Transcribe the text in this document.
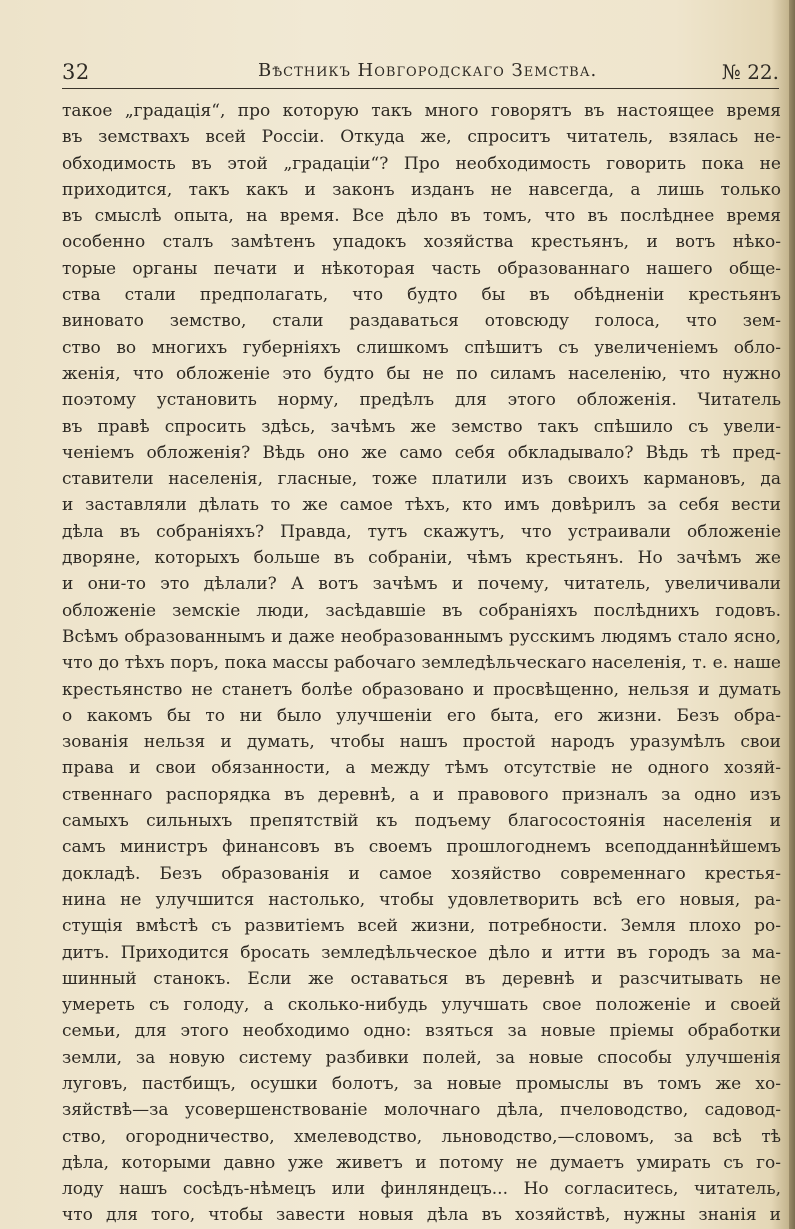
32	Вѣстникъ Новгородскаго Земства.	№ 22.
такое „градація“, про которую такъ много говорятъ въ настоящее время
въ земствахъ всей Россіи. Откуда же, спроситъ читатель, взялась не-
обходимость въ этой „градаціи“? Про необходимость говорить пока не
приходится, такъ какъ и законъ изданъ не навсегда, а лишь только
въ смыслѣ опыта, на время. Все дѣло въ томъ, что въ послѣднее время
особенно сталъ замѣтенъ упадокъ хозяйства крестьянъ, и вотъ нѣко-
торые органы печати и нѣкоторая часть образованнаго нашего обще-
ства стали предполагать, что будто бы въ обѣдненіи крестьянъ
виновато земство, стали раздаваться отовсюду голоса, что зем-
ство во многихъ губерніяхъ слишкомъ спѣшитъ съ увеличеніемъ обло-
женія, что обложеніе это будто бы не по силамъ населенію, что нужно
поэтому установить норму, предѣлъ для этого обложенія. Читатель
въ правѣ спросить здѣсь, зачѣмъ же земство такъ спѣшило съ увели-
ченіемъ обложенія? Вѣдь оно же само себя обкладывало? Вѣдь тѣ пред-
ставители населенія, гласные, тоже платили изъ своихъ кармановъ, да
и заставляли дѣлать то же самое тѣхъ, кто имъ довѣрилъ за себя вести
дѣла въ собраніяхъ? Правда, тутъ скажутъ, что устраивали обложеніе
дворяне, которыхъ больше въ собраніи, чѣмъ крестьянъ. Но зачѣмъ же
и они-то это дѣлали? А вотъ зачѣмъ и почему, читатель, увеличивали
обложеніе земскіе люди, засѣдавшіе въ собраніяхъ послѣднихъ годовъ.
Всѣмъ образованнымъ и даже необразованнымъ русскимъ людямъ стало ясно,
что до тѣхъ поръ, пока массы рабочаго земледѣльческаго населенія, т. е. наше
крестьянство не станетъ болѣе образовано и просвѣщенно, нельзя и думать
о какомъ бы то ни было улучшеніи его быта, его жизни. Безъ обра-
зованія нельзя и думать, чтобы нашъ простой народъ уразумѣлъ свои
права и свои обязанности, а между тѣмъ отсутствіе не одного хозяй-
ственнаго распорядка въ деревнѣ, а и правового призналъ за одно изъ
самыхъ сильныхъ препятствій къ подъему благосостоянія населенія и
самъ министръ финансовъ въ своемъ прошлогоднемъ всеподданнѣйшемъ
докладѣ. Безъ образованія и самое хозяйство современнаго крестья-
нина не улучшится настолько, чтобы удовлетворить всѣ его новыя, ра-
стущія вмѣстѣ съ развитіемъ всей жизни, потребности. Земля плохо ро-
дитъ. Приходится бросать земледѣльческое дѣло и итти въ городъ за ма-
шинный станокъ. Если же оставаться въ деревнѣ и разсчитывать не
умереть съ голоду, а сколько-нибудь улучшать свое положеніе и своей
семьи, для этого необходимо одно: взяться за новые пріемы обработки
земли, за новую систему разбивки полей, за новые способы улучшенія
луговъ, пастбищъ, осушки болотъ, за новые промыслы въ томъ же хо-
зяйствѣ—за усовершенствованіе молочнаго дѣла, пчеловодство, садовод-
ство, огородничество, хмелеводство, льноводство,—словомъ, за всѣ тѣ
дѣла, которыми давно уже живетъ и потому не думаетъ умирать съ го-
лоду нашъ сосѣдъ-нѣмецъ или финляндецъ... Но согласитесь, читатель,
что для того, чтобы завести новыя дѣла въ хозяйствѣ, нужны знанія и
